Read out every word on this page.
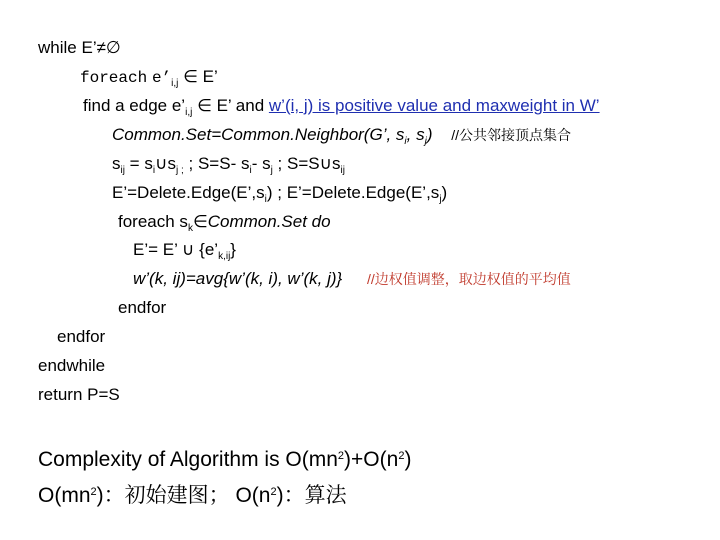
while E’≠∅
foreach $e’_{i,j}$ ∈ E’
find a edge $e’_{i,j}$ ∈ E’ and w’(i, j) is positive value and maxweight in W’
Common.Set=Common.Neighbor(G’, $s_i$, $s_j$) //公共邻接顶点集合
$s_{ij}$ = $s_i\cup s_{j ;}$ ; S=S- $s_i-$ $s_j$ ; $S=S\cup s_{ij}$
$E’=Delete.Edge(E’,s_i)$ ; $E’=Delete.Edge(E’,s_j)$
foreach $s_k\in Common.Set$ do
E’= E’ ∪ $\{e’_{k,ij}\}$
w’(k, ij)=avg{w’(k, i), w’(k, j)} //边权值调整，取边权值的平均值
endfor
endfor
endwhile
return P=S
Complexity of Algorithm is $O(mn^2)+O(n^2)$
$O(mn^2)$：初始建图； $O(n^2)$：算法
